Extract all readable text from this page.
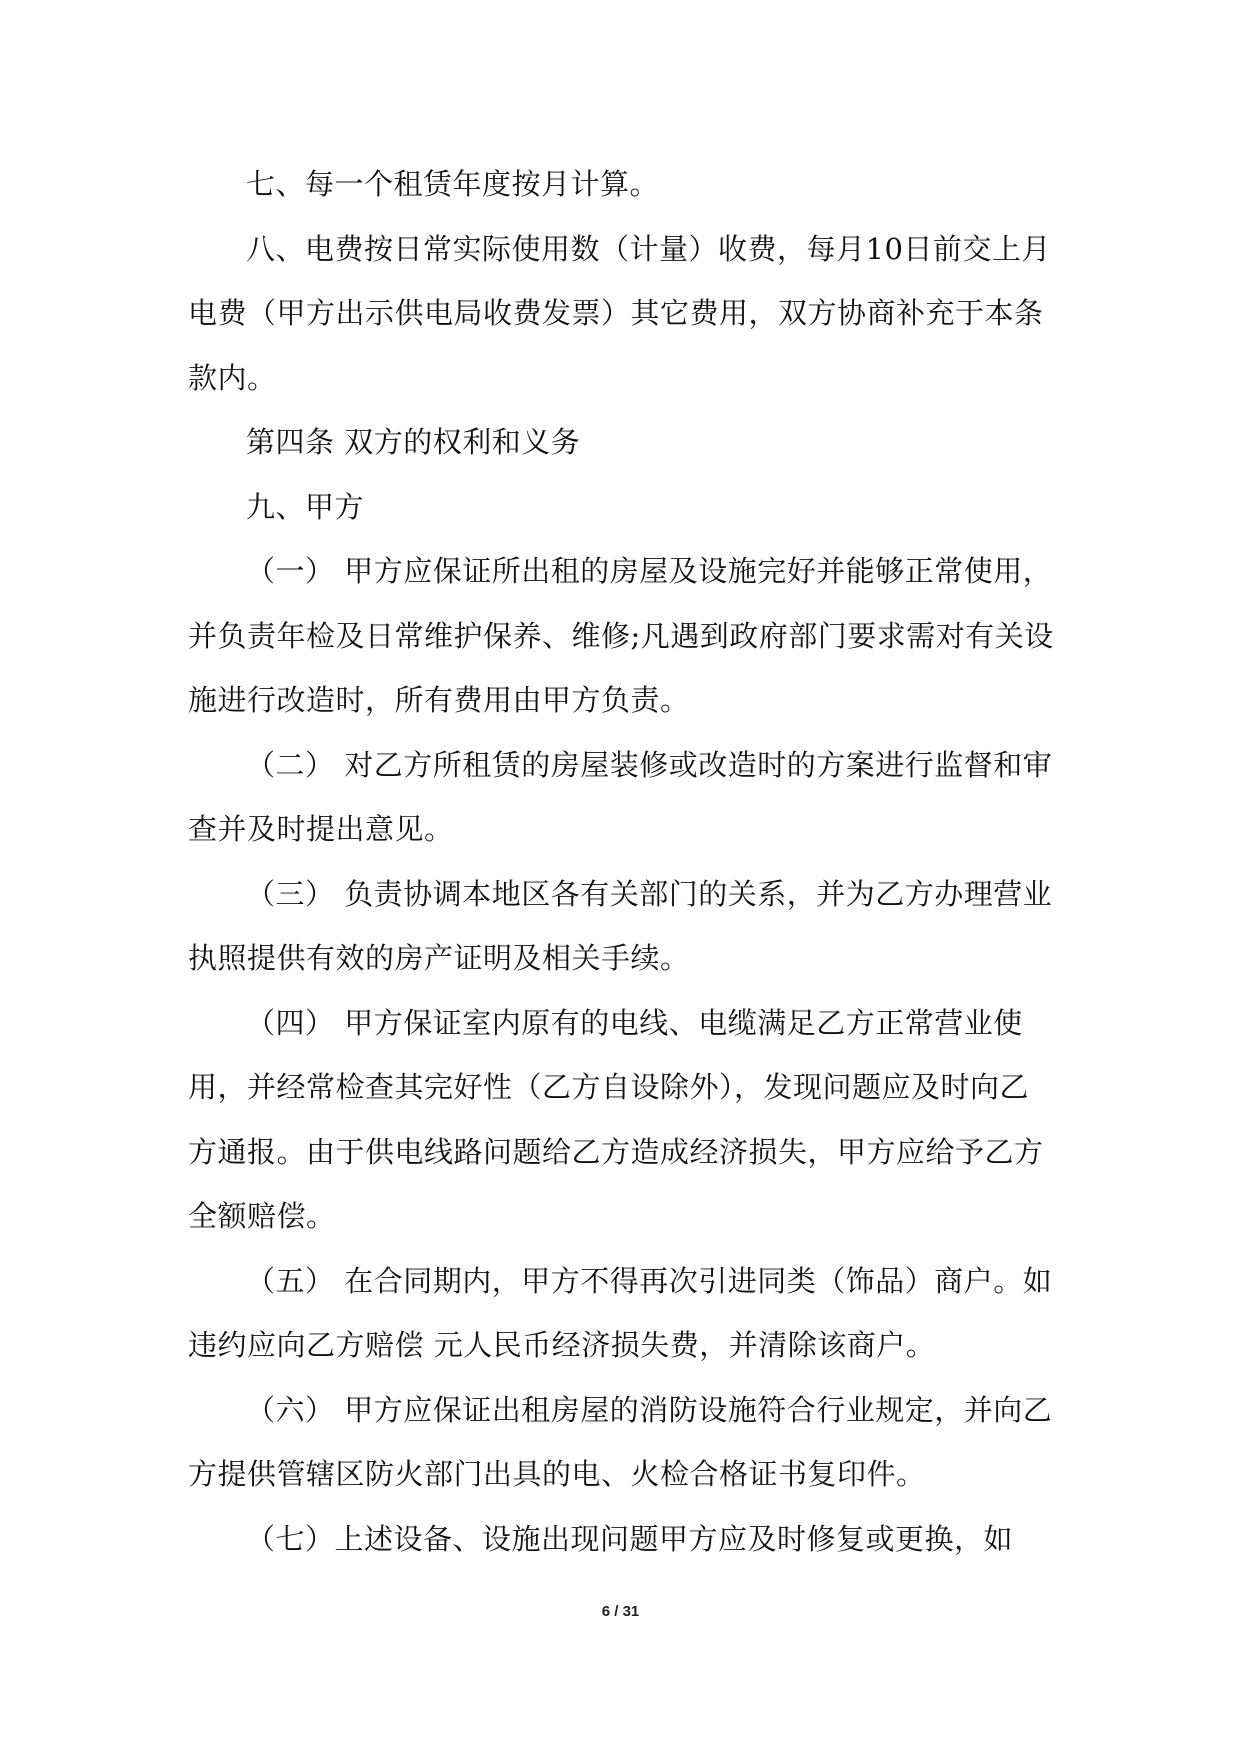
七、每一个租赁年度按月计算。

八、电费按日常实际使用数（计量）收费，每月10日前交上月电费（甲方出示供电局收费发票）其它费用，双方协商补充于本条款内。

第四条 双方的权利和义务

九、甲方

（一） 甲方应保证所出租的房屋及设施完好并能够正常使用，并负责年检及日常维护保养、维修;凡遇到政府部门要求需对有关设施进行改造时，所有费用由甲方负责。

（二） 对乙方所租赁的房屋装修或改造时的方案进行监督和审查并及时提出意见。

（三） 负责协调本地区各有关部门的关系，并为乙方办理营业执照提供有效的房产证明及相关手续。

（四） 甲方保证室内原有的电线、电缆满足乙方正常营业使用，并经常检查其完好性（乙方自设除外），发现问题应及时向乙方通报。由于供电线路问题给乙方造成经济损失，甲方应给予乙方全额赔偿。

（五） 在合同期内，甲方不得再次引进同类（饰品）商户。如违约应向乙方赔偿 元人民币经济损失费，并清除该商户。

（六） 甲方应保证出租房屋的消防设施符合行业规定，并向乙方提供管辖区防火部门出具的电、火检合格证书复印件。

（七）上述设备、设施出现问题甲方应及时修复或更换，如

6 / 31
